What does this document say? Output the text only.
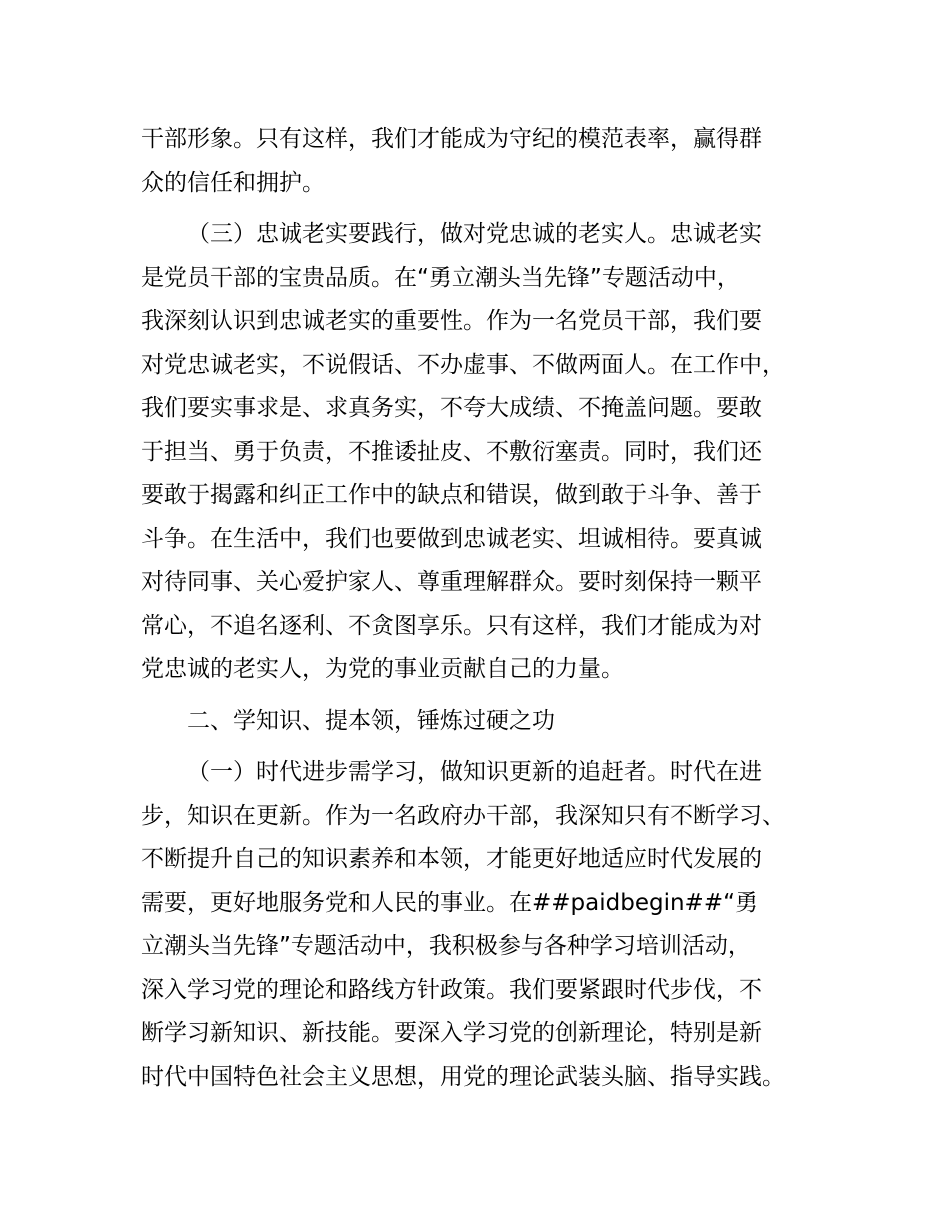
干部形象。只有这样，我们才能成为守纪的模范表率，赢得群
众的信任和拥护。
（三）忠诚老实要践行，做对党忠诚的老实人。忠诚老实
是党员干部的宝贵品质。在“勇立潮头当先锋”专题活动中，
我深刻认识到忠诚老实的重要性。作为一名党员干部，我们要
对党忠诚老实，不说假话、不办虚事、不做两面人。在工作中，
我们要实事求是、求真务实，不夸大成绩、不掩盖问题。要敢
于担当、勇于负责，不推诿扯皮、不敷衍塞责。同时，我们还
要敢于揭露和纠正工作中的缺点和错误，做到敢于斗争、善于
斗争。在生活中，我们也要做到忠诚老实、坦诚相待。要真诚
对待同事、关心爱护家人、尊重理解群众。要时刻保持一颗平
常心，不追名逐利、不贪图享乐。只有这样，我们才能成为对
党忠诚的老实人，为党的事业贡献自己的力量。
二、学知识、提本领，锤炼过硬之功
（一）时代进步需学习，做知识更新的追赶者。时代在进
步，知识在更新。作为一名政府办干部，我深知只有不断学习、
不断提升自己的知识素养和本领，才能更好地适应时代发展的
需要，更好地服务党和人民的事业。在##paidbegin##“勇
立潮头当先锋”专题活动中，我积极参与各种学习培训活动，
深入学习党的理论和路线方针政策。我们要紧跟时代步伐，不
断学习新知识、新技能。要深入学习党的创新理论，特别是新
时代中国特色社会主义思想，用党的理论武装头脑、指导实践。
